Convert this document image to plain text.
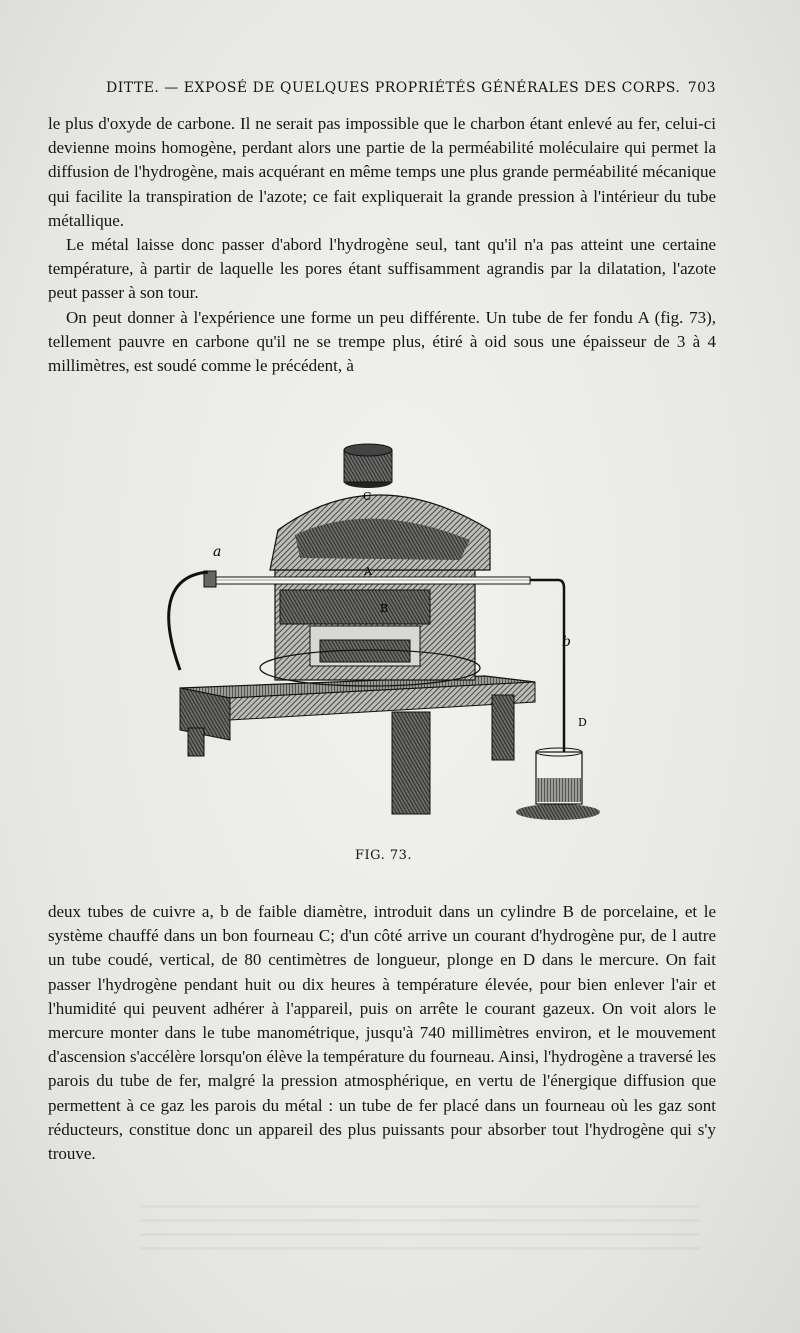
DITTE. — EXPOSÉ DE QUELQUES PROPRIÉTÉS GÉNÉRALES DES CORPS. 703

le plus d'oxyde de carbone. Il ne serait pas impossible que le charbon étant enlevé au fer, celui-ci devienne moins homogène, perdant alors une partie de la perméabilité moléculaire qui permet la diffusion de l'hydrogène, mais acquérant en même temps une plus grande perméabilité mécanique qui facilite la transpiration de l'azote; ce fait expliquerait la grande pression à l'intérieur du tube métallique.

Le métal laisse donc passer d'abord l'hydrogène seul, tant qu'il n'a pas atteint une certaine température, à partir de laquelle les pores étant suffisamment agrandis par la dilatation, l'azote peut passer à son tour.

On peut donner à l'expérience une forme un peu différente. Un tube de fer fondu A (fig. 73), tellement pauvre en carbone qu'il ne se trempe plus, étiré à oid sous une épaisseur de 3 à 4 millimètres, est soudé comme le précédent, à

a
b
C
D
A
B
FIG. 73.

deux tubes de cuivre a, b de faible diamètre, introduit dans un cylindre B de porcelaine, et le système chauffé dans un bon fourneau C; d'un côté arrive un courant d'hydrogène pur, de l autre un tube coudé, vertical, de 80 centimètres de longueur, plonge en D dans le mercure. On fait passer l'hydrogène pendant huit ou dix heures à température élevée, pour bien enlever l'air et l'humidité qui peuvent adhérer à l'appareil, puis on arrête le courant gazeux. On voit alors le mercure monter dans le tube manométrique, jusqu'à 740 millimètres environ, et le mouvement d'ascension s'accélère lorsqu'on élève la température du fourneau. Ainsi, l'hydrogène a traversé les parois du tube de fer, malgré la pression atmosphérique, en vertu de l'énergique diffusion que permettent à ce gaz les parois du métal : un tube de fer placé dans un fourneau où les gaz sont réducteurs, constitue donc un appareil des plus puissants pour absorber tout l'hydrogène qui s'y trouve.
